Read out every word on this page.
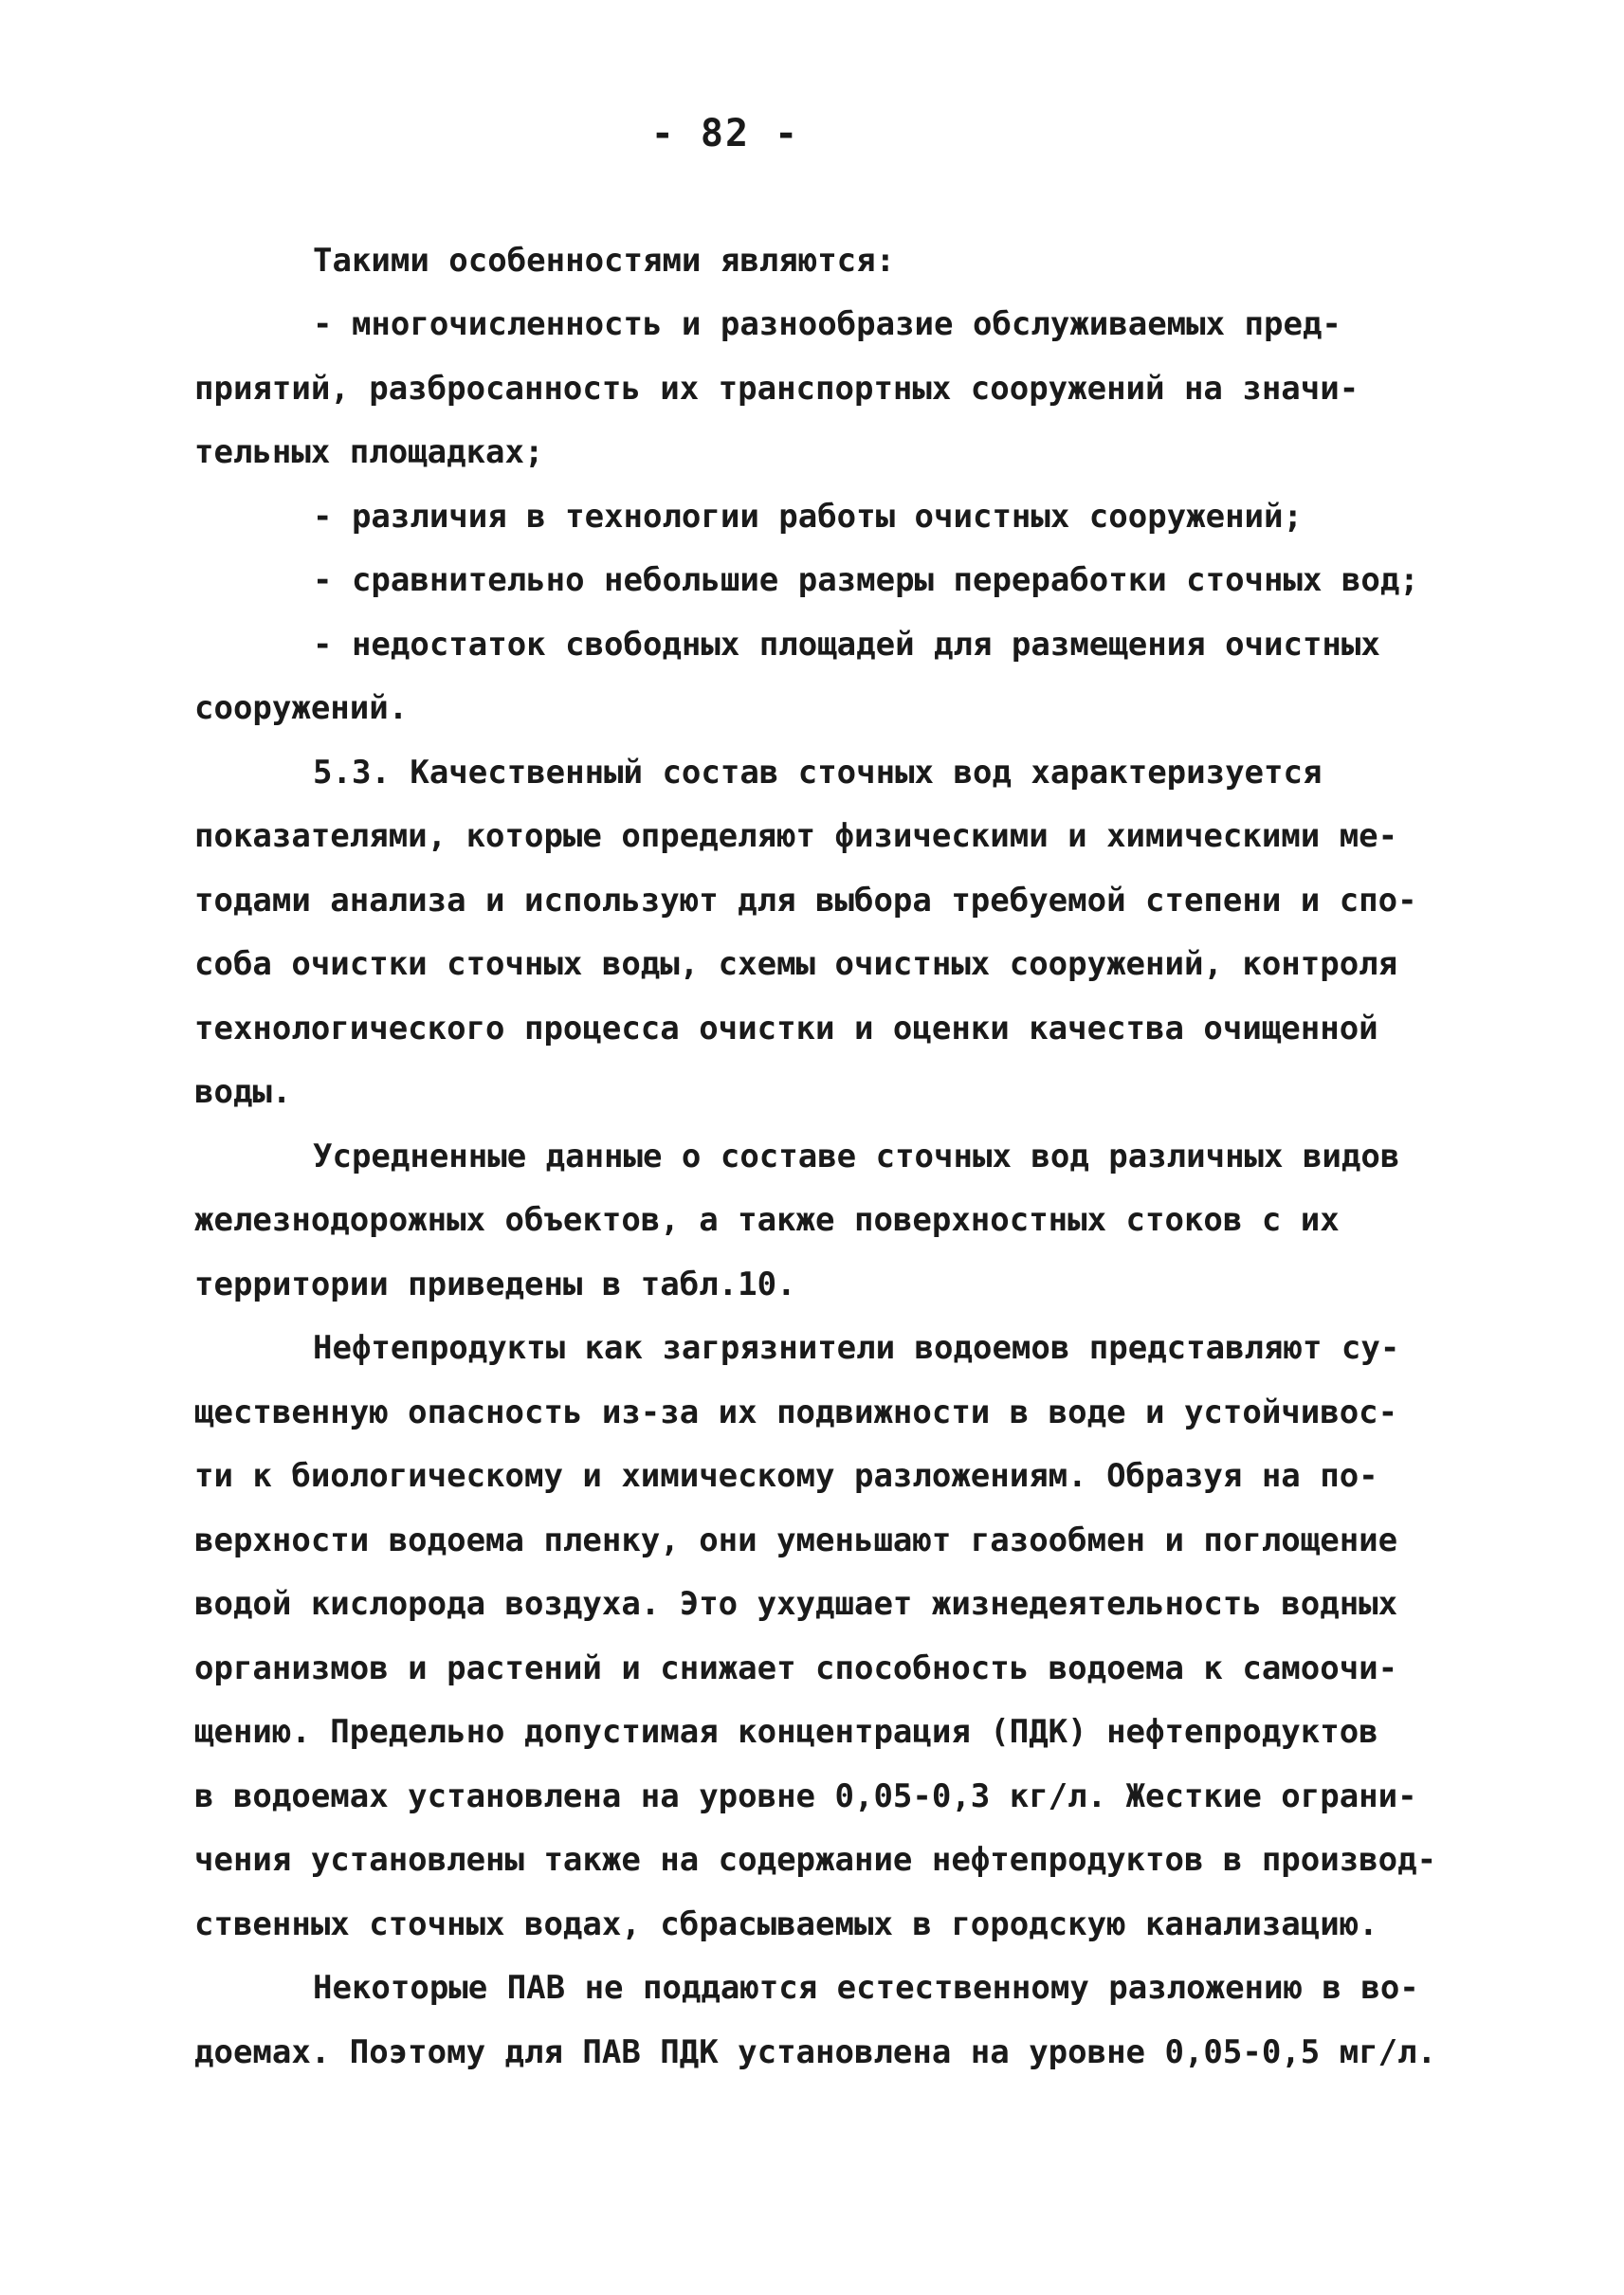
- 82 -
Такими особенностями являются:
- многочисленность и разнообразие обслуживаемых пред-
приятий, разбросанность их транспортных сооружений на значи-
тельных площадках;
- различия в технологии работы очистных сооружений;
- сравнительно небольшие размеры переработки сточных вод;
- недостаток свободных площадей для размещения очистных
сооружений.
5.3. Качественный состав сточных вод характеризуется
показателями, которые определяют физическими и химическими ме-
тодами анализа и используют для выбора требуемой степени и спо-
соба очистки сточных воды, схемы очистных сооружений, контроля
технологического процесса очистки и оценки качества очищенной
воды.
Усредненные данные о составе сточных вод различных видов
железнодорожных объектов, а также поверхностных стоков с их
территории приведены в табл.10.
Нефтепродукты как загрязнители водоемов представляют су-
щественную опасность из-за их подвижности в воде и устойчивос-
ти к биологическому и химическому разложениям. Образуя на по-
верхности водоема пленку, они уменьшают газообмен и поглощение
водой кислорода воздуха. Это ухудшает жизнедеятельность водных
организмов и растений и снижает способность водоема к самоочи-
щению. Предельно допустимая концентрация (ПДК) нефтепродуктов
в водоемах установлена на уровне 0,05-0,3 кг/л. Жесткие ограни-
чения установлены также на содержание нефтепродуктов в производ-
ственных сточных водах, сбрасываемых в городскую канализацию.
Некоторые ПАВ не поддаются естественному разложению в во-
доемах. Поэтому для ПАВ ПДК установлена на уровне 0,05-0,5 мг/л.
